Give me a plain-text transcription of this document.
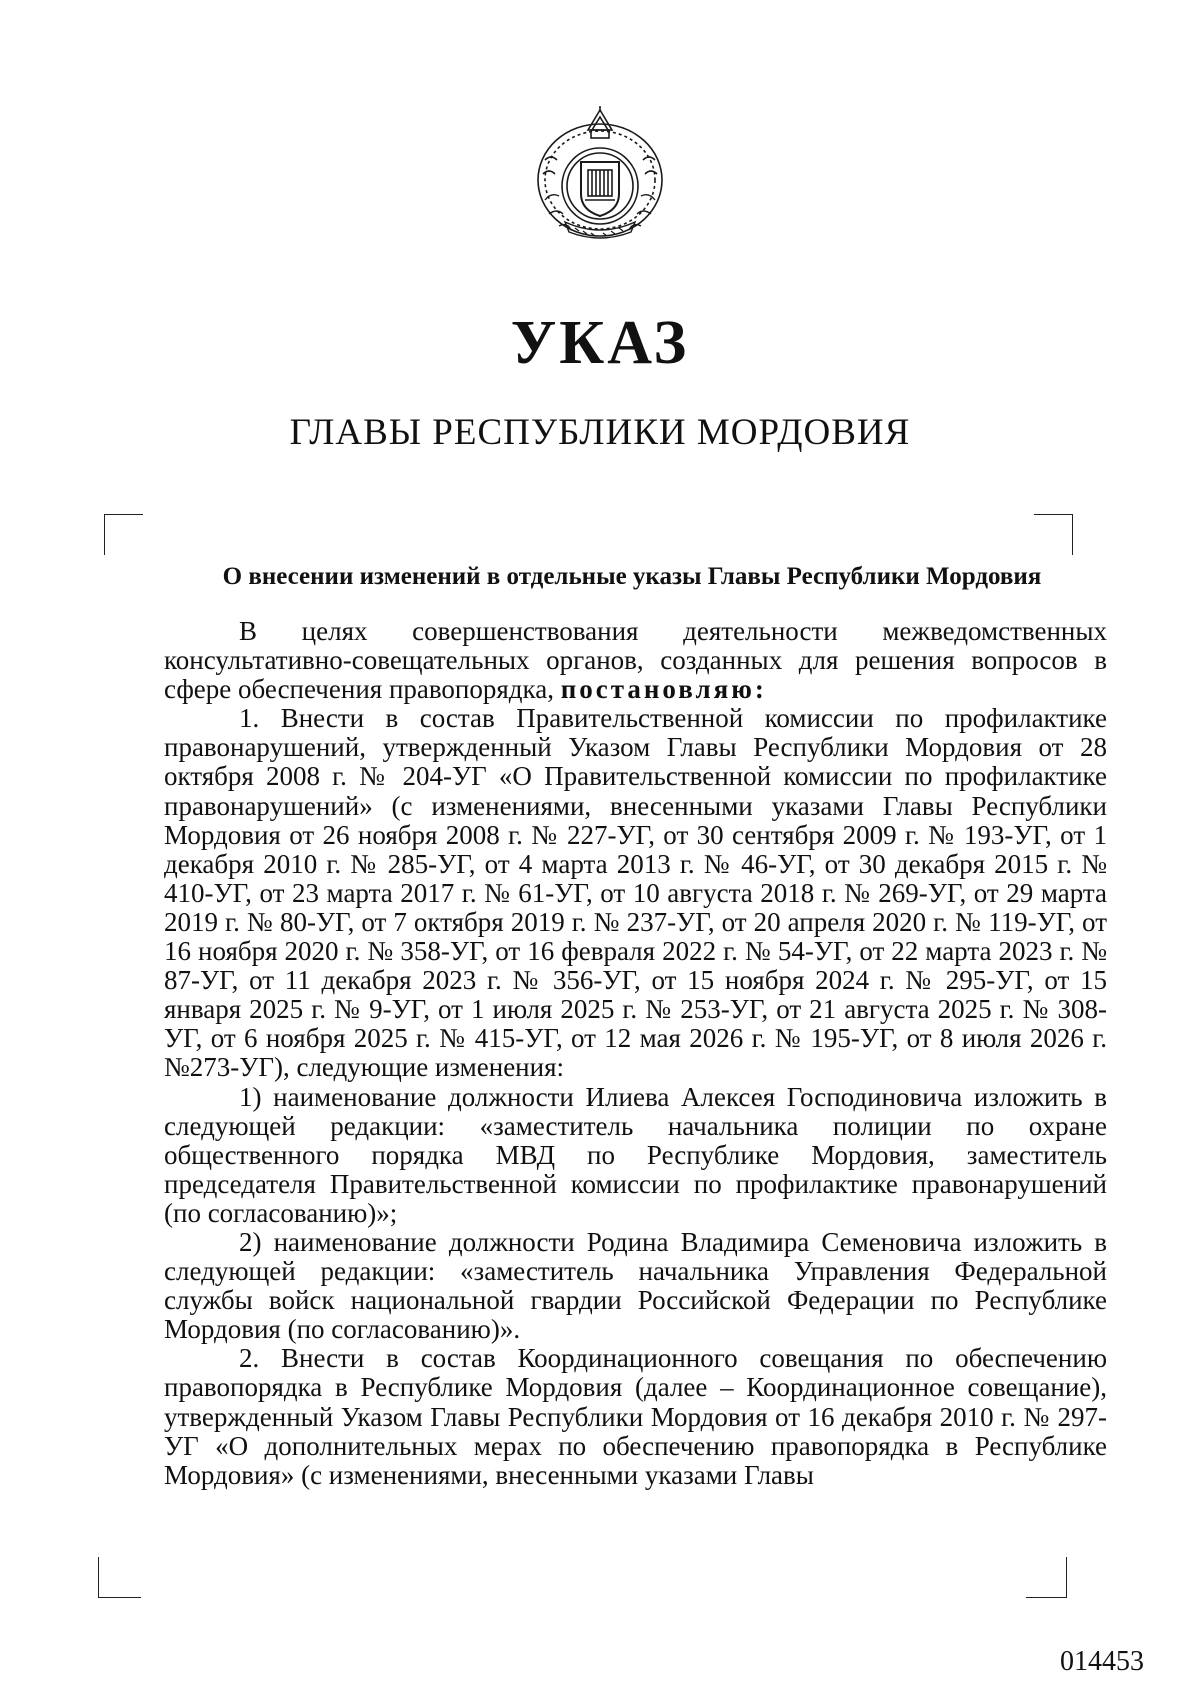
УКАЗ
ГЛАВЫ РЕСПУБЛИКИ МОРДОВИЯ
О внесении изменений в отдельные указы Главы Республики Мордовия

В целях совершенствования деятельности межведомственных консультативно-совещательных органов, созданных для решения вопросов в сфере обеспечения правопорядка, постановляю:

1. Внести в состав Правительственной комиссии по профилактике правонарушений, утвержденный Указом Главы Республики Мордовия от 28 октября 2008 г. № 204-УГ «О Правительственной комиссии по профилактике правонарушений» (с изменениями, внесенными указами Главы Республики Мордовия от 26 ноября 2008 г. № 227-УГ, от 30 сентября 2009 г. № 193-УГ, от 1 декабря 2010 г. № 285-УГ, от 4 марта 2013 г. № 46-УГ, от 30 декабря 2015 г. № 410-УГ, от 23 марта 2017 г. № 61-УГ, от 10 августа 2018 г. № 269-УГ, от 29 марта 2019 г. № 80-УГ, от 7 октября 2019 г. № 237-УГ, от 20 апреля 2020 г. № 119-УГ, от 16 ноября 2020 г. № 358-УГ, от 16 февраля 2022 г. № 54-УГ, от 22 марта 2023 г. № 87-УГ, от 11 декабря 2023 г. № 356-УГ, от 15 ноября 2024 г. № 295-УГ, от 15 января 2025 г. № 9-УГ, от 1 июля 2025 г. № 253-УГ, от 21 августа 2025 г. № 308-УГ, от 6 ноября 2025 г. № 415-УГ, от 12 мая 2026 г. № 195-УГ, от 8 июля 2026 г. №273-УГ), следующие изменения:

1) наименование должности Илиева Алексея Господиновича изложить в следующей редакции: «заместитель начальника полиции по охране общественного порядка МВД по Республике Мордовия, заместитель председателя Правительственной комиссии по профилактике правонарушений (по согласованию)»;

2) наименование должности Родина Владимира Семеновича изложить в следующей редакции: «заместитель начальника Управления Федеральной службы войск национальной гвардии Российской Федерации по Республике Мордовия (по согласованию)».

2. Внести в состав Координационного совещания по обеспечению правопорядка в Республике Мордовия (далее – Координационное совещание), утвержденный Указом Главы Республики Мордовия от 16 декабря 2010 г. № 297-УГ «О дополнительных мерах по обеспечению правопорядка в Республике Мордовия» (с изменениями, внесенными указами Главы

014453
